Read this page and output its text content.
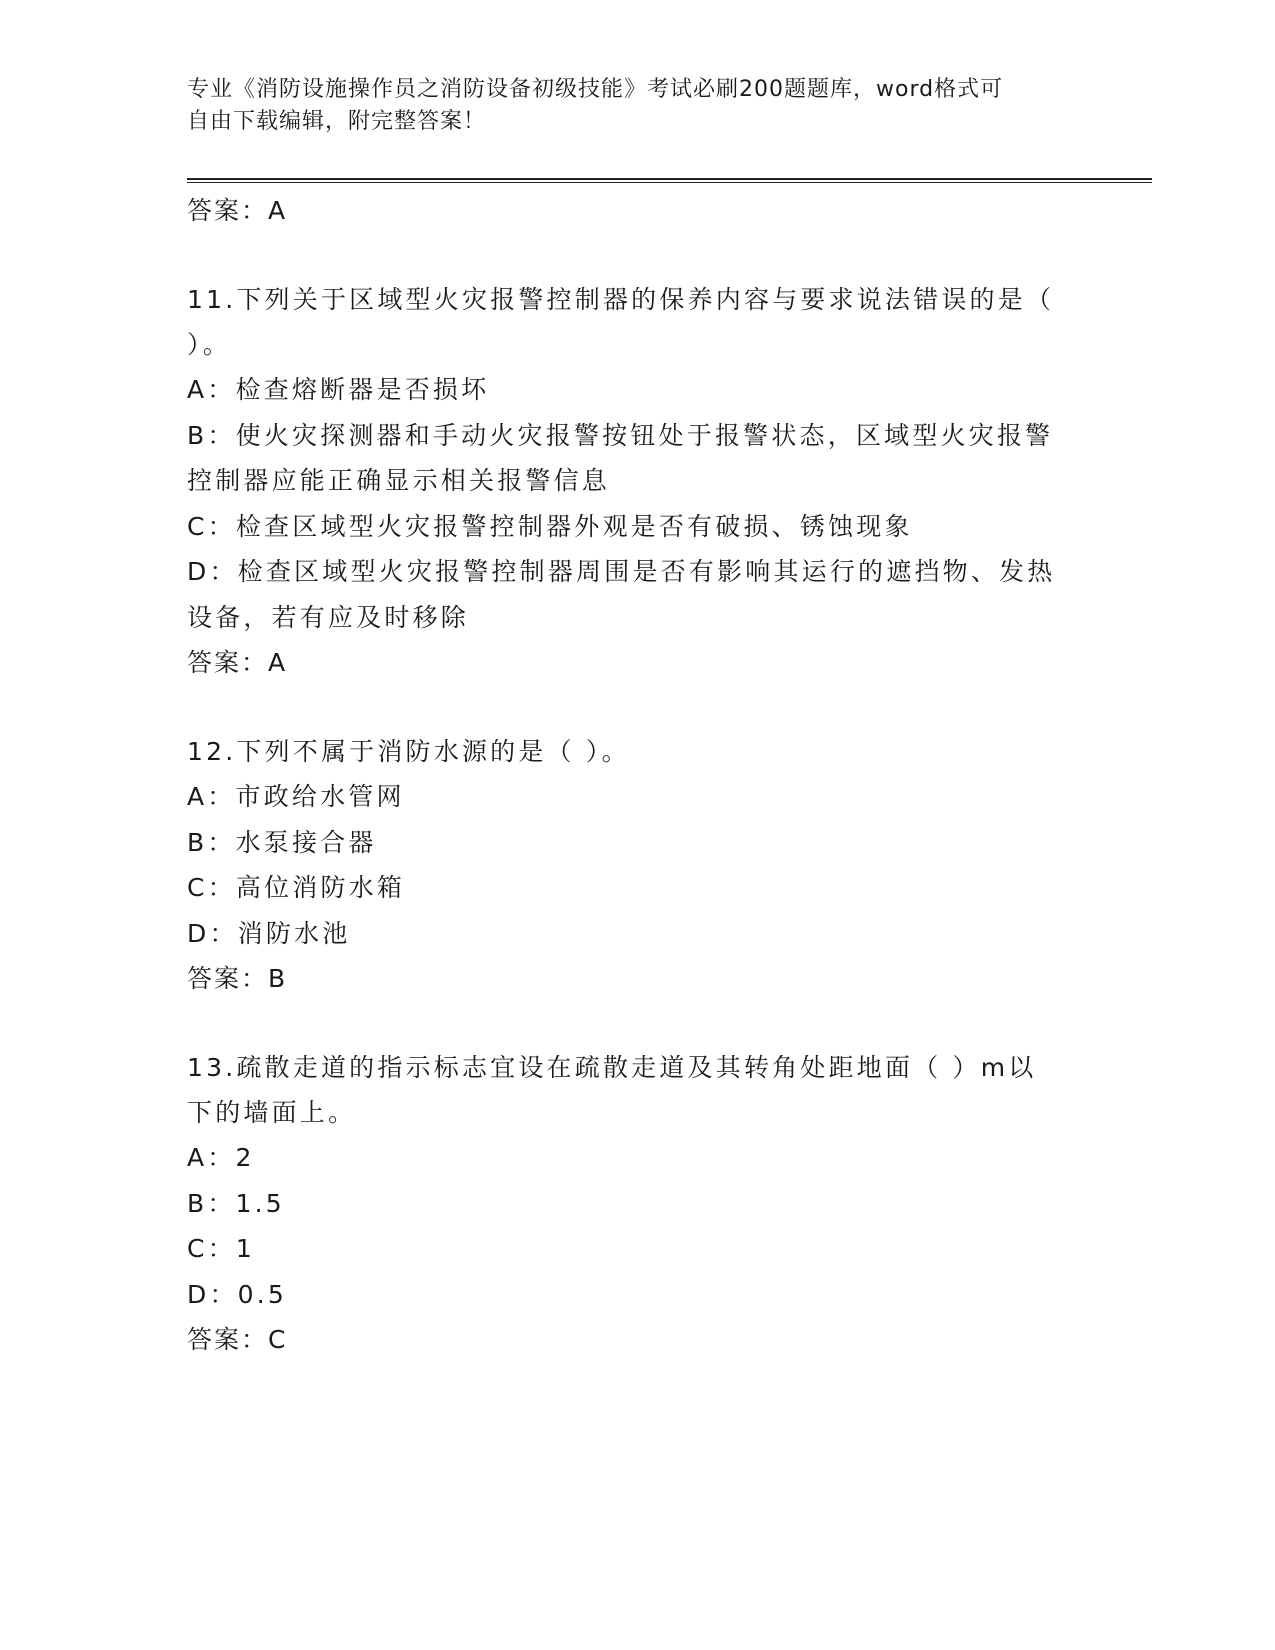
专业《消防设施操作员之消防设备初级技能》考试必刷200题题库，word格式可
自由下载编辑，附完整答案！

答案：A

11.下列关于区域型火灾报警控制器的保养内容与要求说法错误的是（

）。

A：检查熔断器是否损坏

B：使火灾探测器和手动火灾报警按钮处于报警状态，区域型火灾报警

控制器应能正确显示相关报警信息

C：检查区域型火灾报警控制器外观是否有破损、锈蚀现象

D：检查区域型火灾报警控制器周围是否有影响其运行的遮挡物、发热

设备，若有应及时移除

答案：A

12.下列不属于消防水源的是（ ）。

A：市政给水管网

B：水泵接合器

C：高位消防水箱

D：消防水池

答案：B

13.疏散走道的指示标志宜设在疏散走道及其转角处距地面（ ）m以

下的墙面上。

A：2

B：1.5

C：1

D：0.5

答案：C
